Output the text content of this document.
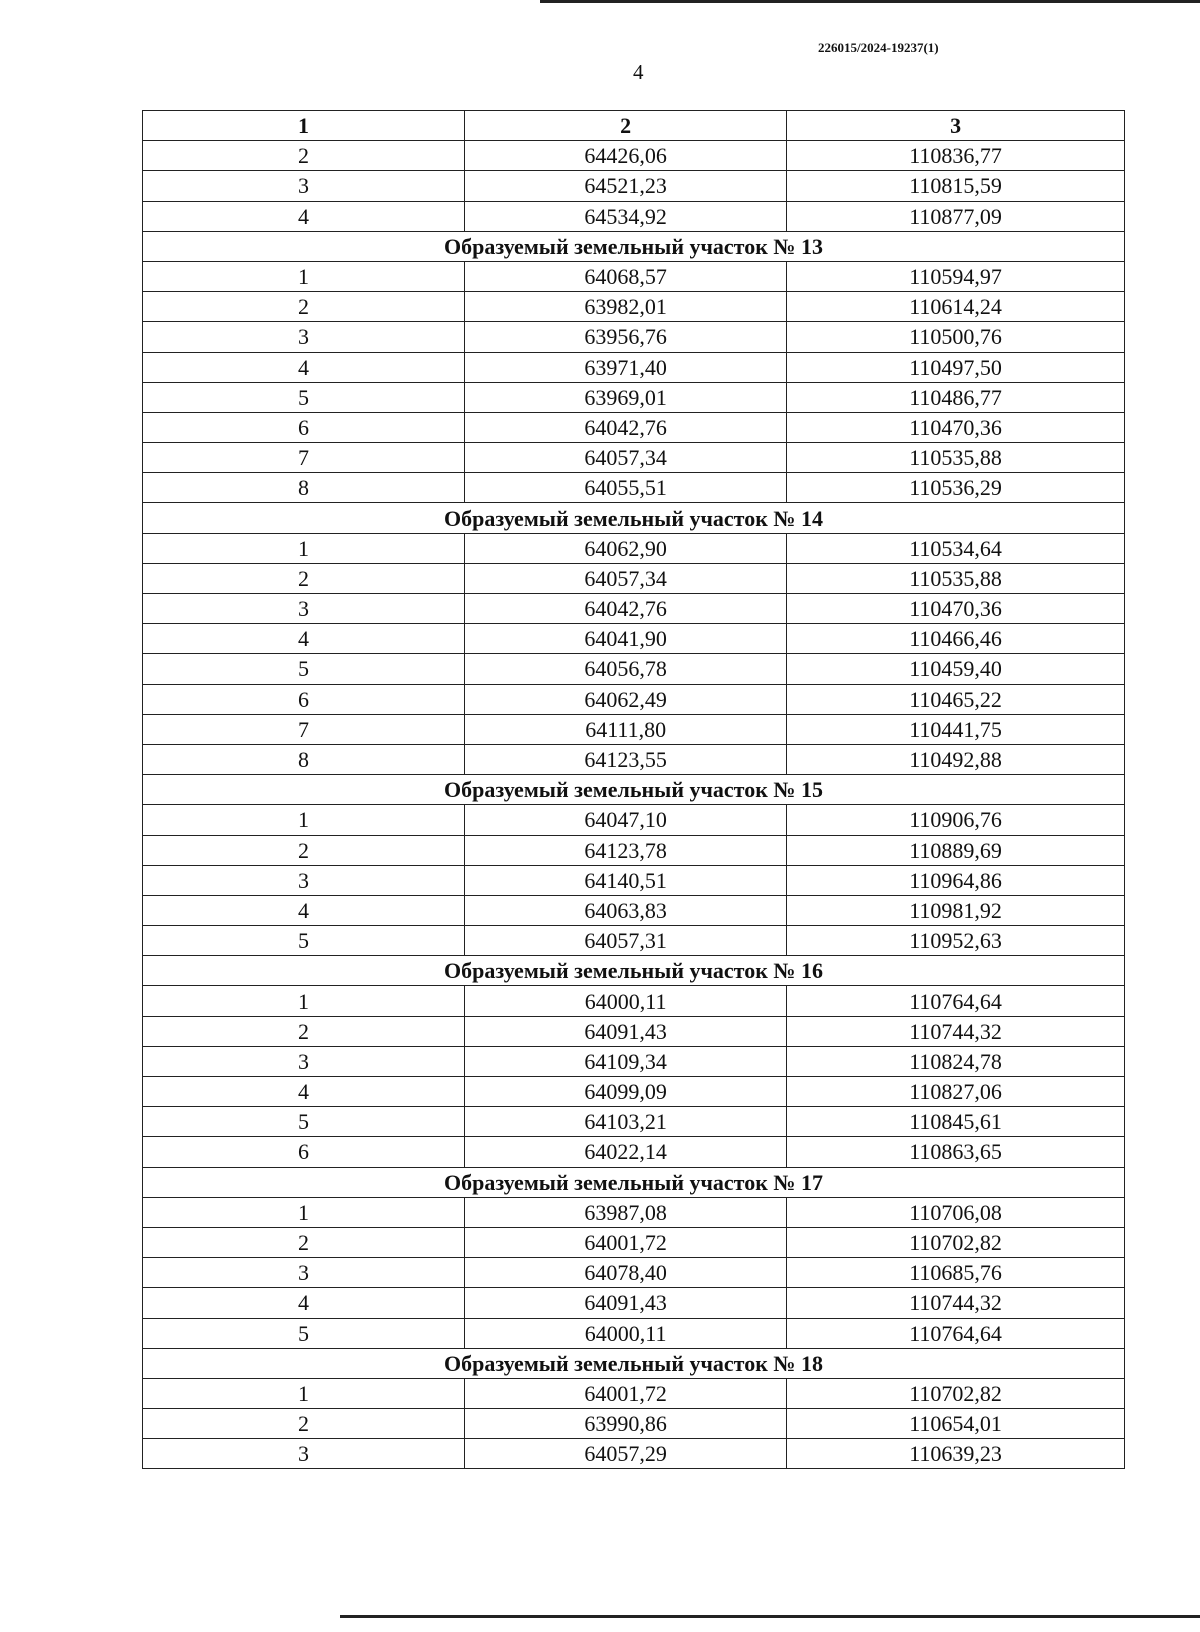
226015/2024-19237(1)
4
1	2	3
2	64426,06	110836,77
3	64521,23	110815,59
4	64534,92	110877,09
Образуемый земельный участок № 13		
1	64068,57	110594,97
2	63982,01	110614,24
3	63956,76	110500,76
4	63971,40	110497,50
5	63969,01	110486,77
6	64042,76	110470,36
7	64057,34	110535,88
8	64055,51	110536,29
Образуемый земельный участок № 14		
1	64062,90	110534,64
2	64057,34	110535,88
3	64042,76	110470,36
4	64041,90	110466,46
5	64056,78	110459,40
6	64062,49	110465,22
7	64111,80	110441,75
8	64123,55	110492,88
Образуемый земельный участок № 15		
1	64047,10	110906,76
2	64123,78	110889,69
3	64140,51	110964,86
4	64063,83	110981,92
5	64057,31	110952,63
Образуемый земельный участок № 16		
1	64000,11	110764,64
2	64091,43	110744,32
3	64109,34	110824,78
4	64099,09	110827,06
5	64103,21	110845,61
6	64022,14	110863,65
Образуемый земельный участок № 17		
1	63987,08	110706,08
2	64001,72	110702,82
3	64078,40	110685,76
4	64091,43	110744,32
5	64000,11	110764,64
Образуемый земельный участок № 18		
1	64001,72	110702,82
2	63990,86	110654,01
3	64057,29	110639,23
